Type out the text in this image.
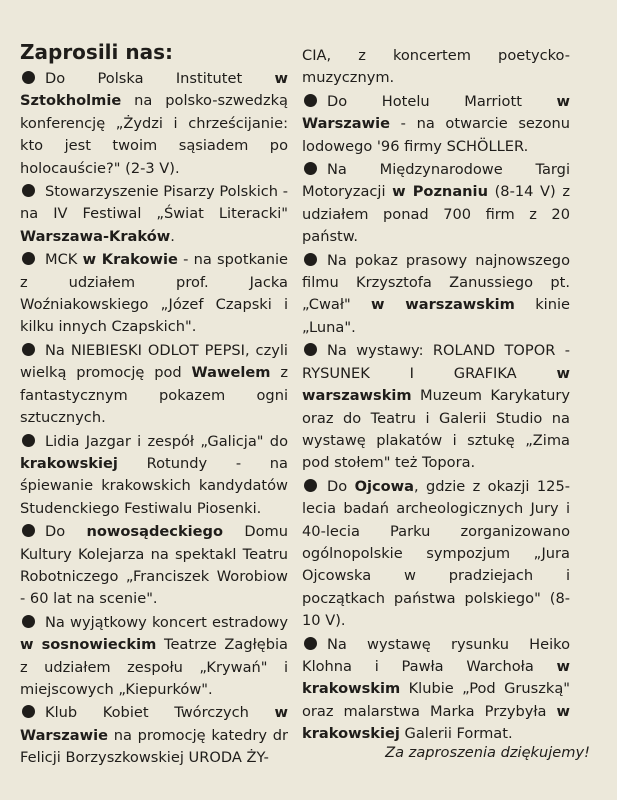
Zaprosili nas:

Do Polska Institutet w Sztokholmie na polsko-szwedzką konferencję „Żydzi i chrześcijanie: kto jest twoim sąsiadem po holocauście?" (2-3 V).

Stowarzyszenie Pisarzy Polskich - na IV Festiwal „Świat Literacki" Warszawa-Kraków.

MCK w Krakowie - na spotkanie z udziałem prof. Jacka Woźniakowskiego „Józef Czapski i kilku innych Czapskich".

Na NIEBIESKI ODLOT PEPSI, czyli wielką promocję pod Wawelem z fantastycznym pokazem ogni sztucznych.

Lidia Jazgar i zespół „Galicja" do krakowskiej Rotundy - na śpiewanie krakowskich kandydatów Studenckiego Festiwalu Piosenki.

Do nowosądeckiego Domu Kultury Kolejarza na spektakl Teatru Robotniczego „Franciszek Worobiow - 60 lat na scenie".

Na wyjątkowy koncert estradowy w sosnowieckim Teatrze Zagłębia z udziałem zespołu „Krywań" i miejscowych „Kiepurków".

Klub Kobiet Twórczych w Warszawie na promocję katedry dr Felicji Borzyszkowskiej URODA ŻY-

CIA, z koncertem poetycko-muzycznym.

Do Hotelu Marriott w Warszawie - na otwarcie sezonu lodowego '96 firmy SCHÖLLER.

Na Międzynarodowe Targi Motoryzacji w Poznaniu (8-14 V) z udziałem ponad 700 firm z 20 państw.

Na pokaz prasowy najnowszego filmu Krzysztofa Zanussiego pt. „Cwał" w warszawskim kinie „Luna".

Na wystawy: ROLAND TOPOR - RYSUNEK I GRAFIKA w warszawskim Muzeum Karykatury oraz do Teatru i Galerii Studio na wystawę plakatów i sztukę „Zima pod stołem" też Topora.

Do Ojcowa, gdzie z okazji 125-lecia badań archeologicznych Jury i 40-lecia Parku zorganizowano ogólnopolskie sympozjum „Jura Ojcowska w pradziejach i początkach państwa polskiego" (8-10 V).

Na wystawę rysunku Heiko Klohna i Pawła Warchoła w krakowskim Klubie „Pod Gruszką" oraz malarstwa Marka Przybyła w krakowskiej Galerii Format.

Za zaproszenia dziękujemy!
